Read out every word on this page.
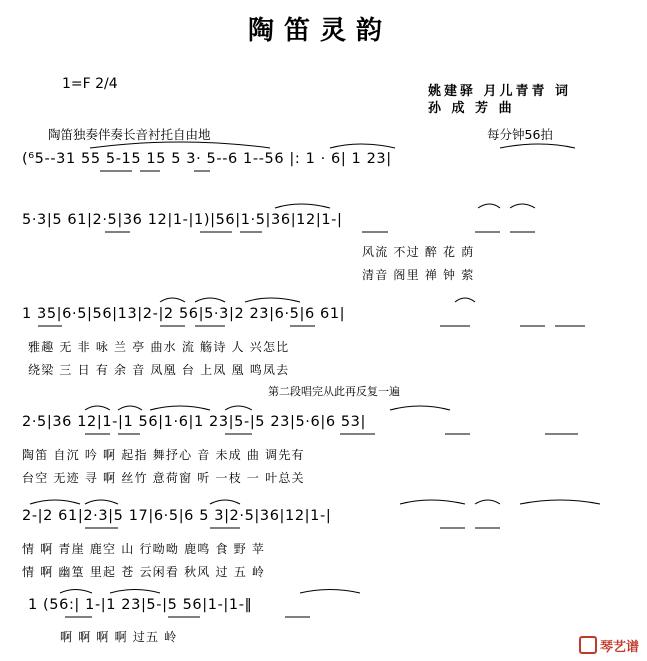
陶笛灵韵
1=F 2/4	姚建驿 月儿青青 词
孙 成 芳 曲
陶笛独奏伴奏长音衬托自由地	每分钟56拍
(⁶5--31 55 5-15 15 5 3· 5--6 1--56 |: 1 · 6| 1 23|
5·3|5 61|2·5|36 12|1-|1)|56|1·5|36|12|1-|
风流 不过 醉 花 荫
清音 阁里 禅 钟 萦
1 35|6·5|56|13|2-|2 56|5·3|2 23|6·5|6 61|
雅趣 无 非 咏 兰 亭 曲水 流 觞诗 人 兴怎比
绕梁 三 日 有 余 音 凤凰 台 上凤 凰 鸣凤去
第二段唱完从此再反复一遍
2·5|36 12|1-|1 56|1·6|1 23|5-|5 23|5·6|6 53|
陶笛 自沉 吟 啊 起指 舞抒心 音 未成 曲 调先有
台空 无迹 寻 啊 丝竹 意荷窗 听 一枝 一 叶总关
2-|2 61|2·3|5 17|6·5|6 5 3|2·5|36|12|1-|
情 啊 青崖 鹿空 山 行呦呦 鹿鸣 食 野 苹
情 啊 幽篁 里起 苍 云闲看 秋风 过 五 岭
1 (56:| 1-|1 23|5-|5 56|1-|1-‖
啊 啊 啊 啊 过五 岭
琴艺谱
